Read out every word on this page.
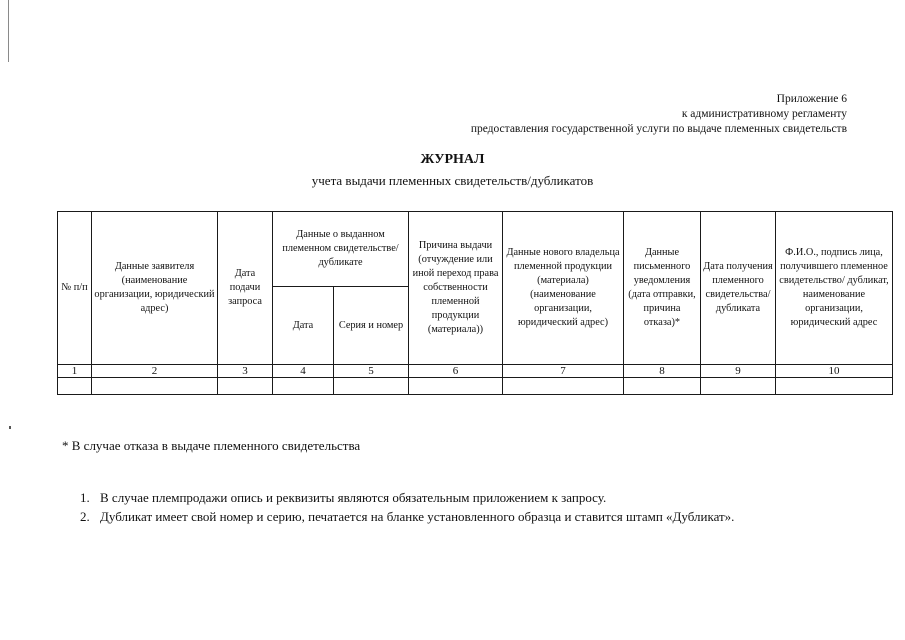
Приложение 6
к административному регламенту
предоставления государственной услуги по выдаче племенных свидетельств
ЖУРНАЛ
учета выдачи племенных свидетельств/дубликатов
№ п/п	Данные заявителя (наименование организации, юридический адрес)	Дата подачи запроса	Данные о выданном племенном свидетельстве/ дубликате		Причина выдачи (отчуждение или иной переход права собственности племенной продукции (материала))	Данные нового владельца племенной продукции (материала) (наименование организации, юридический адрес)	Данные письменного уведомления (дата отправки, причина отказа)*	Дата получения племенного свидетельства/ дубликата	Ф.И.О., подпись лица, получившего племенное свидетельство/ дубликат, наименование организации, юридический адрес
			Дата	Серия и номер					
1	2	3	4	5	6	7	8	9	10

* В случае отказа в выдаче племенного свидетельства
1. В случае племпродажи опись и реквизиты являются обязательным приложением к запросу.
2. Дубликат имеет свой номер и серию, печатается на бланке установленного образца и ставится штамп «Дубликат».
